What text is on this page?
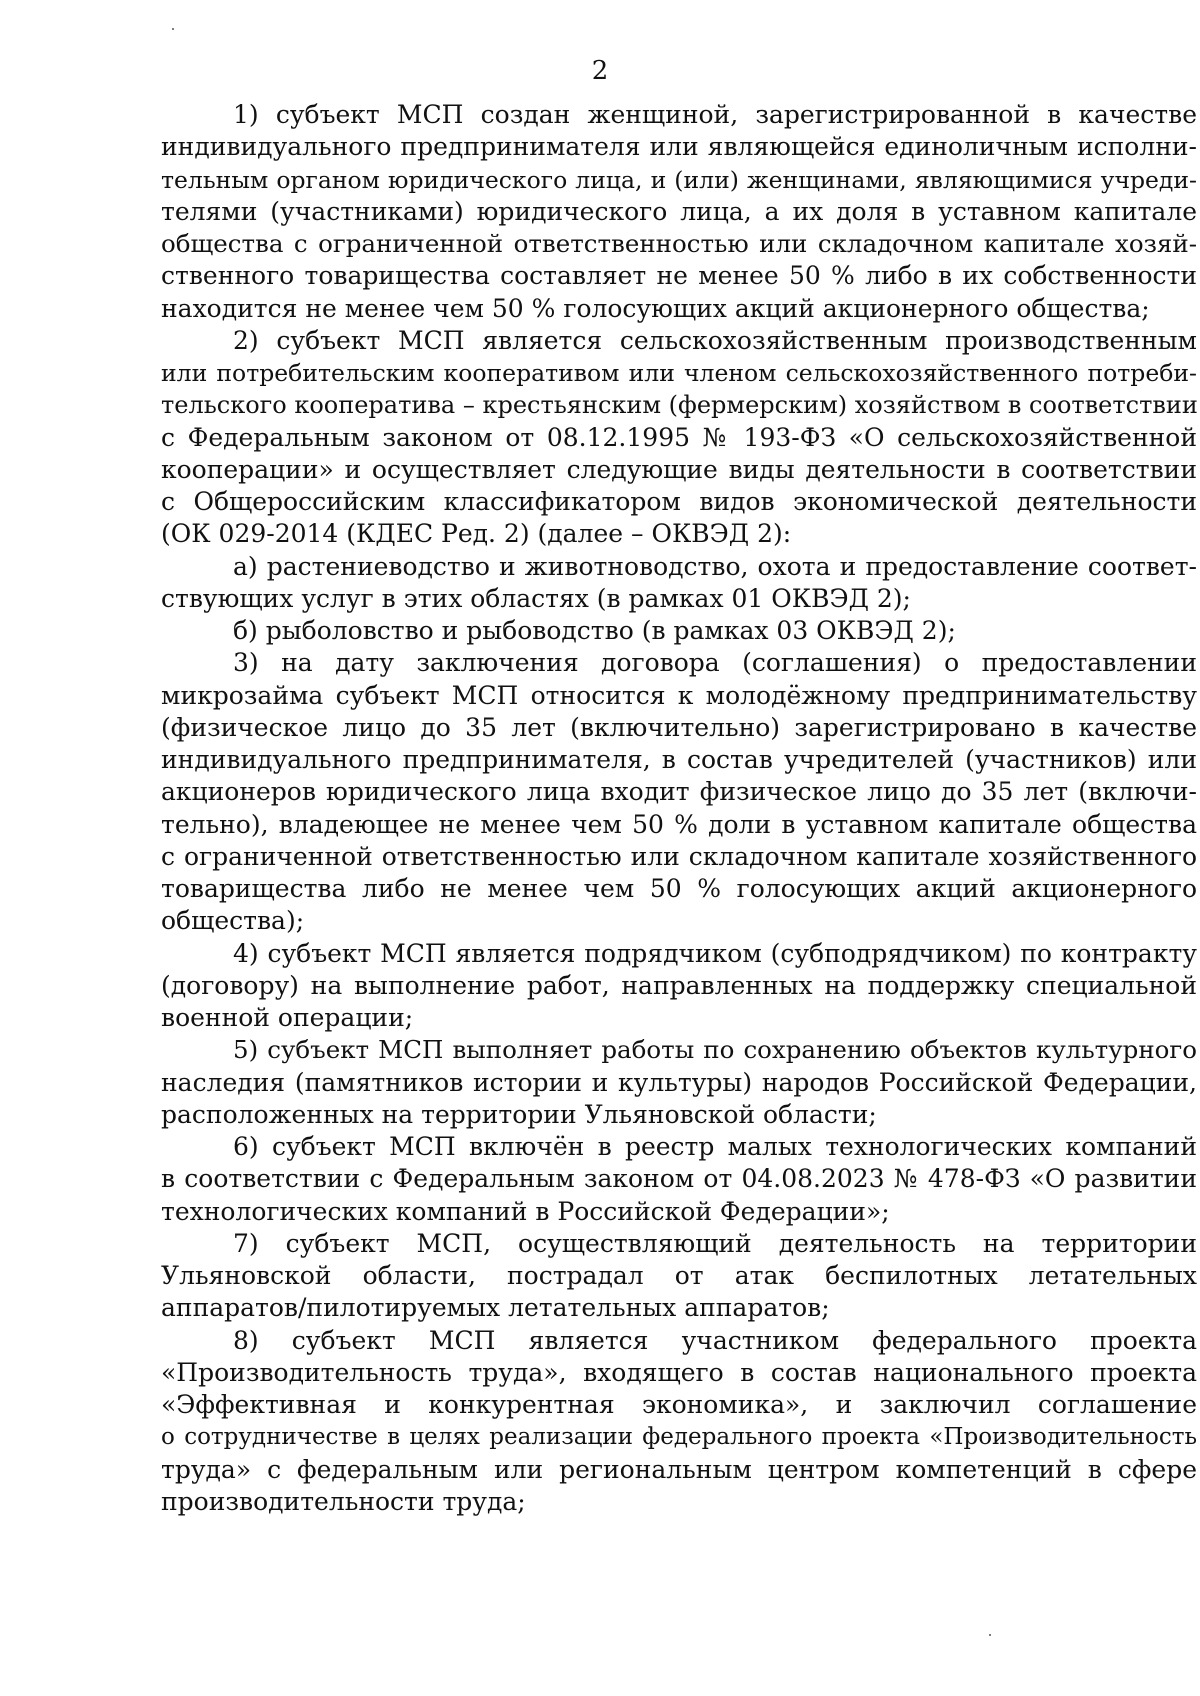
2
1) субъект МСП создан женщиной, зарегистрированной в качестве
индивидуального предпринимателя или являющейся единоличным исполни-
тельным органом юридического лица, и (или) женщинами, являющимися учреди-
телями (участниками) юридического лица, а их доля в уставном капитале
общества с ограниченной ответственностью или складочном капитале хозяй-
ственного товарищества составляет не менее 50 % либо в их собственности
находится не менее чем 50 % голосующих акций акционерного общества;
2) субъект МСП является сельскохозяйственным производственным
или потребительским кооперативом или членом сельскохозяйственного потреби-
тельского кооператива – крестьянским (фермерским) хозяйством в соответствии
с Федеральным законом от 08.12.1995 № 193-ФЗ «О сельскохозяйственной
кооперации» и осуществляет следующие виды деятельности в соответствии
с Общероссийским классификатором видов экономической деятельности
(ОК 029-2014 (КДЕС Ред. 2) (далее – ОКВЭД 2):
а) растениеводство и животноводство, охота и предоставление соответ-
ствующих услуг в этих областях (в рамках 01 ОКВЭД 2);
б) рыболовство и рыбоводство (в рамках 03 ОКВЭД 2);
3) на дату заключения договора (соглашения) о предоставлении
микрозайма субъект МСП относится к молодёжному предпринимательству
(физическое лицо до 35 лет (включительно) зарегистрировано в качестве
индивидуального предпринимателя, в состав учредителей (участников) или
акционеров юридического лица входит физическое лицо до 35 лет (включи-
тельно), владеющее не менее чем 50 % доли в уставном капитале общества
с ограниченной ответственностью или складочном капитале хозяйственного
товарищества либо не менее чем 50 % голосующих акций акционерного
общества);
4) субъект МСП является подрядчиком (субподрядчиком) по контракту
(договору) на выполнение работ, направленных на поддержку специальной
военной операции;
5) субъект МСП выполняет работы по сохранению объектов культурного
наследия (памятников истории и культуры) народов Российской Федерации,
расположенных на территории Ульяновской области;
6) субъект МСП включён в реестр малых технологических компаний
в соответствии с Федеральным законом от 04.08.2023 № 478-ФЗ «О развитии
технологических компаний в Российской Федерации»;
7) субъект МСП, осуществляющий деятельность на территории
Ульяновской области, пострадал от атак беспилотных летательных
аппаратов/пилотируемых летательных аппаратов;
8) субъект МСП является участником федерального проекта
«Производительность труда», входящего в состав национального проекта
«Эффективная и конкурентная экономика», и заключил соглашение
о сотрудничестве в целях реализации федерального проекта «Производительность
труда» с федеральным или региональным центром компетенций в сфере
производительности труда;
